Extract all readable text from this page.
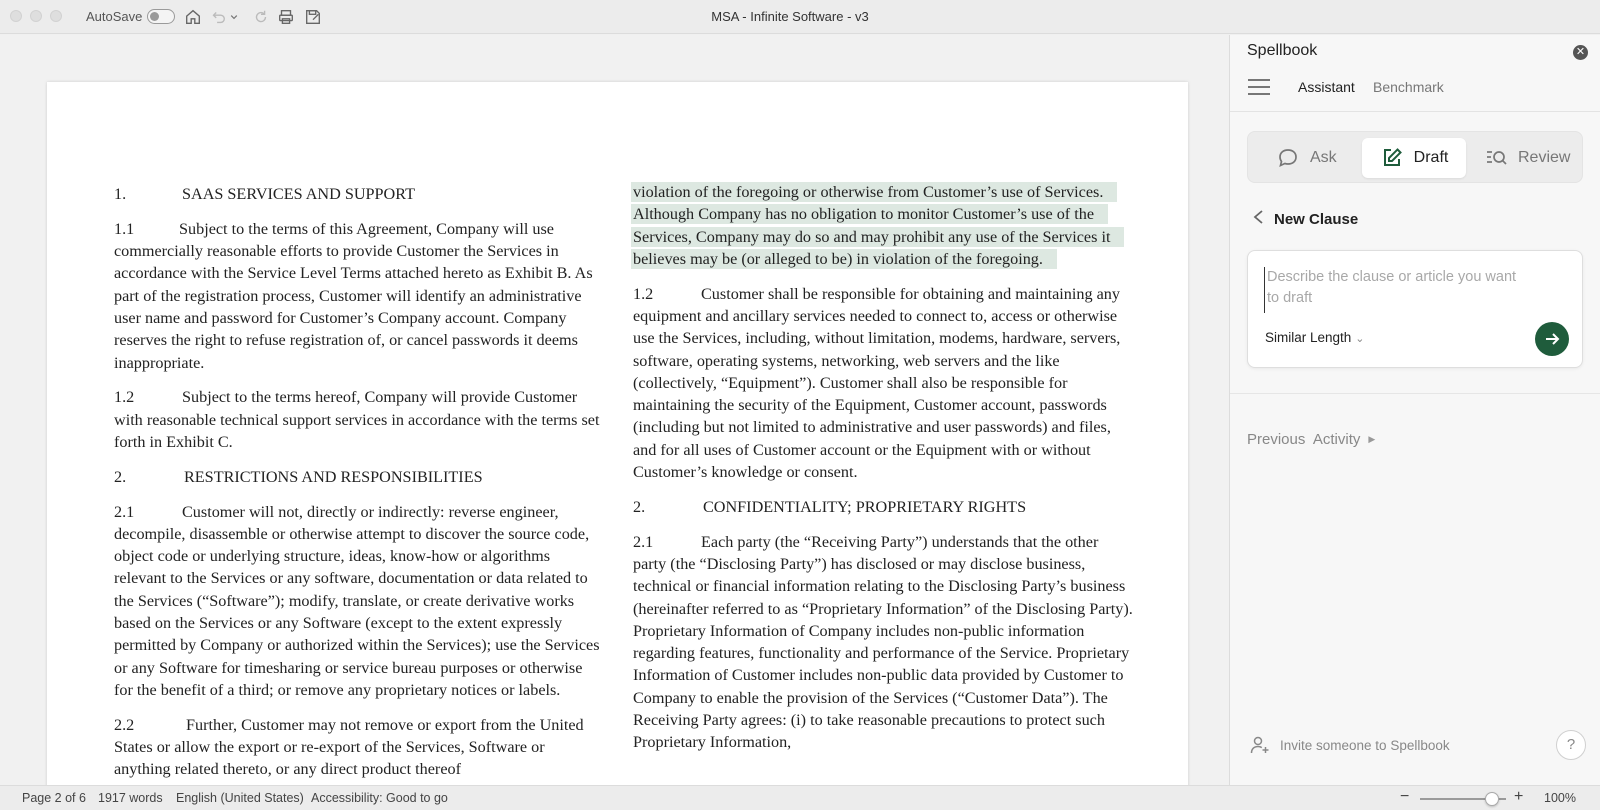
AutoSave	MSA - Infinite Software - v3

1.	SAAS SERVICES AND SUPPORT

1.1	Subject to the terms of this Agreement, Company will use commercially reasonable efforts to provide Customer the Services in accordance with the Service Level Terms attached hereto as Exhibit B. As part of the registration process, Customer will identify an administrative user name and password for Customer’s Company account. Company reserves the right to refuse registration of, or cancel passwords it deems inappropriate.

1.2	Subject to the terms hereof, Company will provide Customer with reasonable technical support services in accordance with the terms set forth in Exhibit C.

2.	RESTRICTIONS AND RESPONSIBILITIES

2.1	Customer will not, directly or indirectly: reverse engineer, decompile, disassemble or otherwise attempt to discover the source code, object code or underlying structure, ideas, know-how or algorithms relevant to the Services or any software, documentation or data related to the Services (“Software”); modify, translate, or create derivative works based on the Services or any Software (except to the extent expressly permitted by Company or authorized within the Services); use the Services or any Software for timesharing or service bureau purposes or otherwise for the benefit of a third; or remove any proprietary notices or labels.

2.2	Further, Customer may not remove or export from the United States or allow the export or re-export of the Services, Software or anything related thereto, or any direct product thereof

violation of the foregoing or otherwise from Customer’s use of Services. Although Company has no obligation to monitor Customer’s use of the Services, Company may do so and may prohibit any use of the Services it believes may be (or alleged to be) in violation of the foregoing.

1.2	Customer shall be responsible for obtaining and maintaining any equipment and ancillary services needed to connect to, access or otherwise use the Services, including, without limitation, modems, hardware, servers, software, operating systems, networking, web servers and the like (collectively, “Equipment”). Customer shall also be responsible for maintaining the security of the Equipment, Customer account, passwords (including but not limited to administrative and user passwords) and files, and for all uses of Customer account or the Equipment with or without Customer’s knowledge or consent.

2.	CONFIDENTIALITY; PROPRIETARY RIGHTS

2.1	Each party (the “Receiving Party”) understands that the other party (the “Disclosing Party”) has disclosed or may disclose business, technical or financial information relating to the Disclosing Party’s business (hereinafter referred to as “Proprietary Information” of the Disclosing Party). Proprietary Information of Company includes non-public information regarding features, functionality and performance of the Service. Proprietary Information of Customer includes non-public data provided by Customer to Company to enable the provision of the Services (“Customer Data”). The Receiving Party agrees: (i) to take reasonable precautions to protect such Proprietary Information,

Spellbook	✕
Assistant Benchmark
Ask	Draft	Review
New Clause
Describe the clause or article you want to draft
Similar Length ⌄
Previous  Activity ▶
Invite someone to Spellbook	?
Page 2 of 6 1917 words English (United States) Accessibility: Good to go	−	+ 100%
